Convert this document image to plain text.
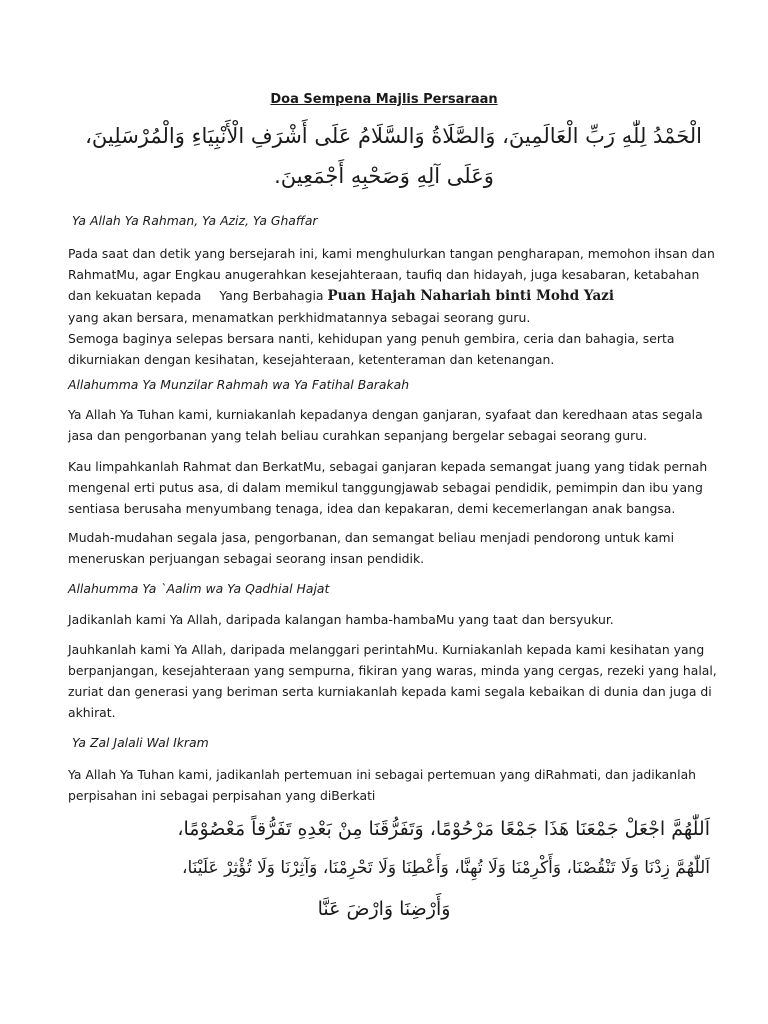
Doa Sempena Majlis Persaraan
الْحَمْدُ لِلّٰهِ رَبِّ الْعَالَمِينَ، وَالصَّلَاةُ وَالسَّلَامُ عَلَى أَشْرَفِ الْأَنْبِيَاءِ وَالْمُرْسَلِينَ،
وَعَلَى آلِهِ وَصَحْبِهِ أَجْمَعِينَ.
Ya Allah Ya Rahman, Ya Aziz, Ya Ghaffar
Pada saat dan detik yang bersejarah ini, kami menghulurkan tangan pengharapan, memohon ihsan dan
RahmatMu, agar Engkau anugerahkan kesejahteraan, taufiq dan hidayah, juga kesabaran, ketabahan
dan kekuatan kepada Yang Berbahagia Puan Hajah Nahariah binti Mohd Yazi
yang akan bersara, menamatkan perkhidmatannya sebagai seorang guru.
Semoga baginya selepas bersara nanti, kehidupan yang penuh gembira, ceria dan bahagia, serta
dikurniakan dengan kesihatan, kesejahteraan, ketenteraman dan ketenangan.
Allahumma Ya Munzilar Rahmah wa Ya Fatihal Barakah
Ya Allah Ya Tuhan kami, kurniakanlah kepadanya dengan ganjaran, syafaat dan keredhaan atas segala
jasa dan pengorbanan yang telah beliau curahkan sepanjang bergelar sebagai seorang guru.
Kau limpahkanlah Rahmat dan BerkatMu, sebagai ganjaran kepada semangat juang yang tidak pernah
mengenal erti putus asa, di dalam memikul tanggungjawab sebagai pendidik, pemimpin dan ibu yang
sentiasa berusaha menyumbang tenaga, idea dan kepakaran, demi kecemerlangan anak bangsa.
Mudah-mudahan segala jasa, pengorbanan, dan semangat beliau menjadi pendorong untuk kami
meneruskan perjuangan sebagai seorang insan pendidik.
Allahumma Ya `Aalim wa Ya Qadhial Hajat
Jadikanlah kami Ya Allah, daripada kalangan hamba-hambaMu yang taat dan bersyukur.
Jauhkanlah kami Ya Allah, daripada melanggari perintahMu. Kurniakanlah kepada kami kesihatan yang
berpanjangan, kesejahteraan yang sempurna, fikiran yang waras, minda yang cergas, rezeki yang halal,
zuriat dan generasi yang beriman serta kurniakanlah kepada kami segala kebaikan di dunia dan juga di
akhirat.
Ya Zal Jalali Wal Ikram
Ya Allah Ya Tuhan kami, jadikanlah pertemuan ini sebagai pertemuan yang diRahmati, dan jadikanlah
perpisahan ini sebagai perpisahan yang diBerkati
اَللّٰهُمَّ اجْعَلْ جَمْعَنَا هَذَا جَمْعًا مَرْحُوْمًا، وَتَفَرُّقَنَا مِنْ بَعْدِهِ تَفَرُّقاً مَعْصُوْمًا،
اَللّٰهُمَّ زِدْنَا وَلَا تَنْقُصْنَا، وَأَكْرِمْنَا وَلَا تُهِنَّا، وَأَعْطِنَا وَلَا تَحْرِمْنَا، وَآثِرْنَا وَلَا تُؤْثِرْ عَلَيْنَا،
وَأَرْضِنَا وَارْضَ عَنَّا
